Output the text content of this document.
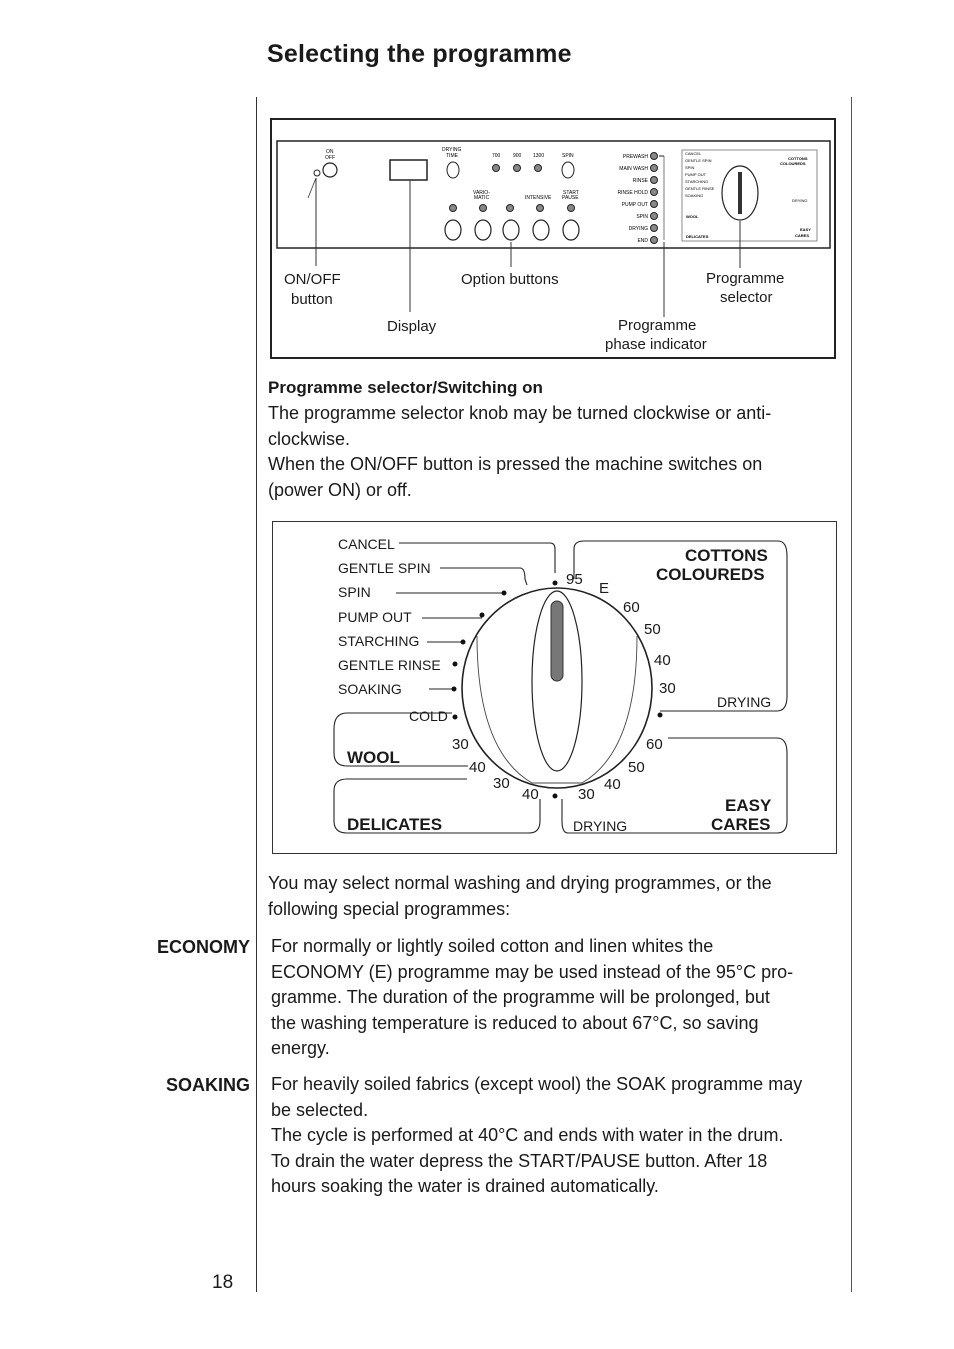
Selecting the programme
ON
OFF
DRYING
TIME	700	900 1300	SPIN
VARIO-
MATIC	INTENSIVE
START
PAUSE
PREWASH
MAIN WASH
RINSE
RINSE HOLD
PUMP OUT
SPIN
DRYING
END
CANCEL
GENTLE SPIN
SPIN
PUMP OUT
STARCHING
GENTLE RINSE
SOAKING
COTTONS
COLOUREDS
WOOL
DELICATES
DRYING
EASY
CARES
ON/OFF
button
Option buttons	Programme
selector
Display	Programme
phase indicator
Programme selector/Switching on
The programme selector knob may be turned clockwise or anti-
clockwise.
When the ON/OFF button is pressed the machine switches on
(power ON) or off.
CANCEL
GENTLE SPIN
SPIN
PUMP OUT
STARCHING
GENTLE RINSE
SOAKING
COLD
COTTONS
COLOUREDS
95
E
60
50
40
30
DRYING
WOOL
30
40
30
40	30
60
50
40
DELICATES	DRYING
EASY
CARES
You may select normal washing and drying programmes, or the
following special programmes:
ECONOMY For normally or lightly soiled cotton and linen whites the
ECONOMY (E) programme may be used instead of the 95°C pro-
gramme. The duration of the programme will be prolonged, but
the washing temperature is reduced to about 67°C, so saving
energy.
SOAKING For heavily soiled fabrics (except wool) the SOAK programme may
be selected.
The cycle is performed at 40°C and ends with water in the drum.
To drain the water depress the START/PAUSE button. After 18
hours soaking the water is drained automatically.
18
